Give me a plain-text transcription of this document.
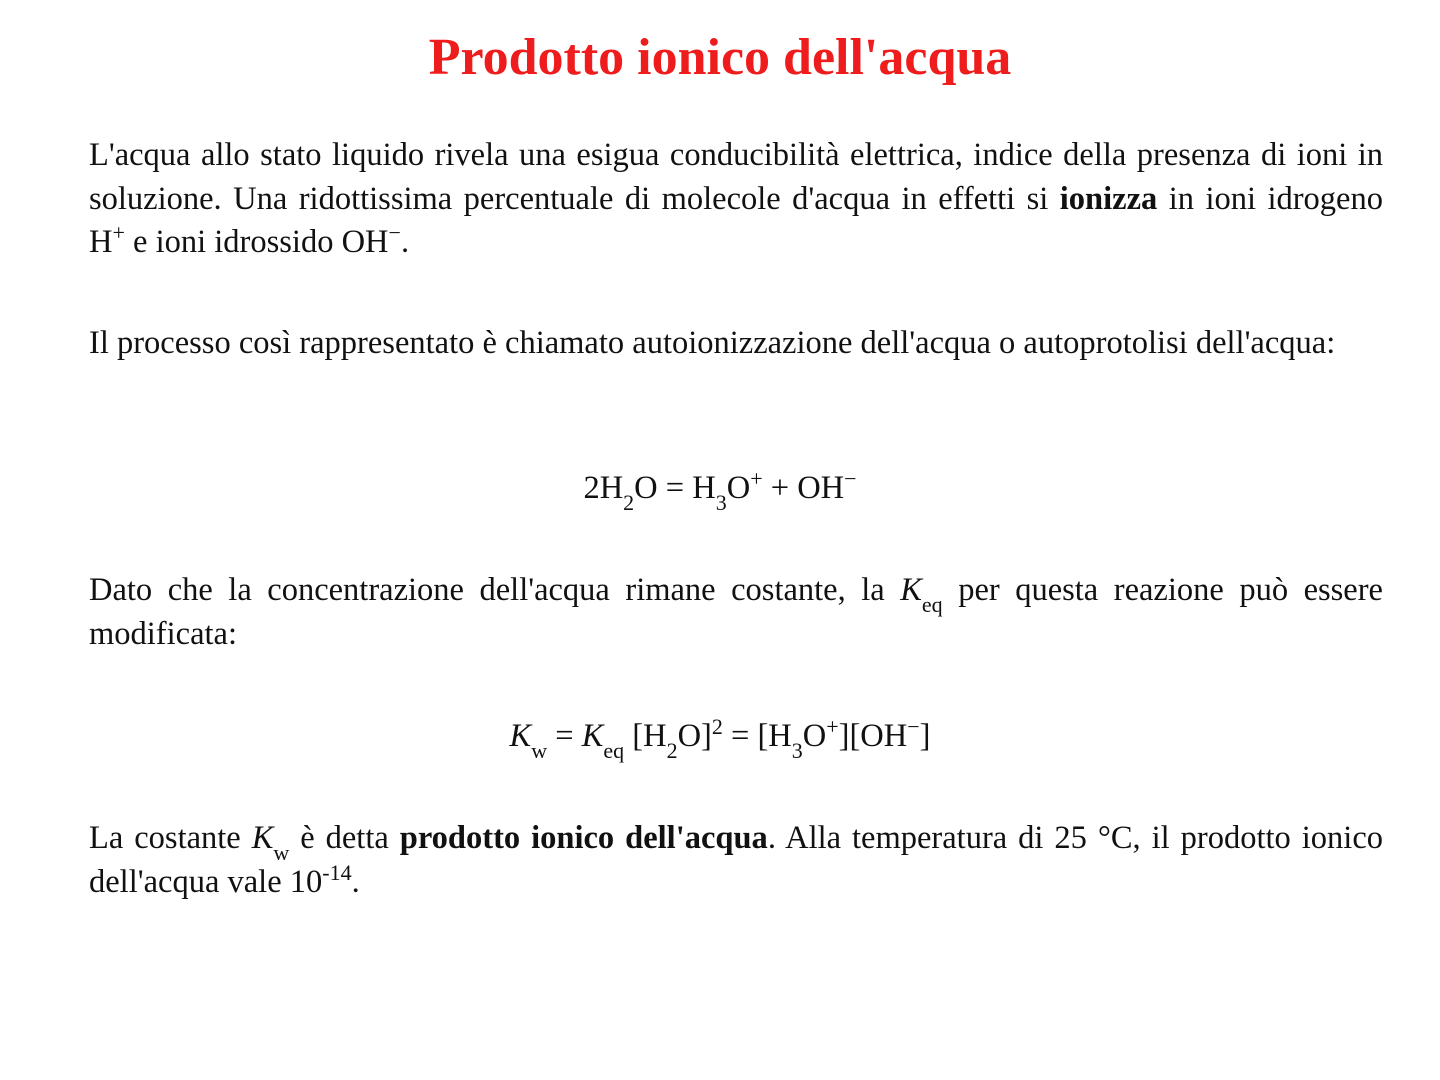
Prodotto ionico dell'acqua

L'acqua allo stato liquido rivela una esigua conducibilità elettrica, indice della presenza di ioni in soluzione. Una ridottissima percentuale di molecole d'acqua in effetti si ionizza in ioni idrogeno H+ e ioni idrossido OH−.

Il processo così rappresentato è chiamato autoionizzazione dell'acqua o autoprotolisi dell'acqua:

$2H_2O = H_3O^+ + OH^-$

Dato che la concentrazione dell'acqua rimane costante, la $K_{eq}$ per questa reazione può essere modificata:

$K_w = K_{eq}$ $[H_2O]^2 = [H_3O^+][OH^-]$

La costante $K_w$ è detta prodotto ionico dell'acqua. Alla temperatura di 25 °C, il prodotto ionico dell'acqua vale $10^{-14}$.
